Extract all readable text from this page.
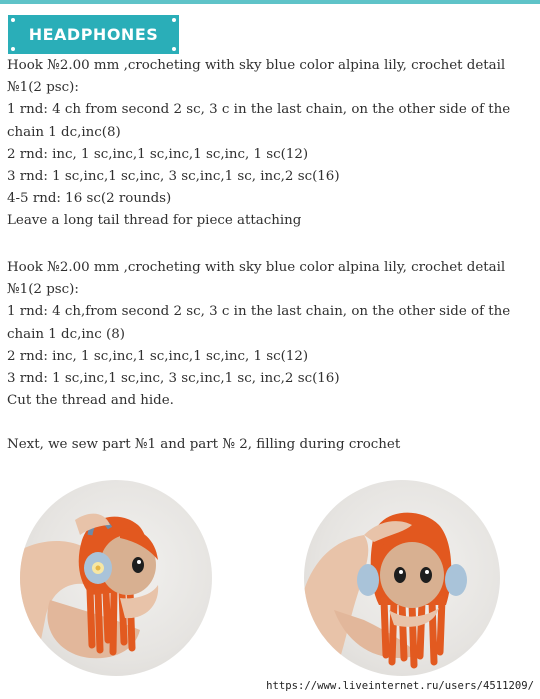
HEADPHONES

Hook №2.00 mm ,crocheting with sky blue color alpina lily, crochet detail №1(2 psc):

1 rnd: 4 ch from second 2 sc, 3 c in the last chain, on the other side of the chain 1 dc,inc(8)

2 rnd: inc, 1 sc,inc,1 sc,inc,1 sc,inc, 1 sc(12)

3 rnd: 1 sc,inc,1 sc,inc, 3 sc,inc,1 sc, inc,2 sc(16)

4-5 rnd: 16 sc(2 rounds)

Leave a long tail thread for piece attaching

Hook №2.00 mm ,crocheting with sky blue color alpina lily, crochet detail №1(2 psc):

1 rnd: 4 ch,from second 2 sc, 3 c in the last chain, on the other side of the chain 1 dc,inc (8)

2 rnd: inc, 1 sc,inc,1 sc,inc,1 sc,inc, 1 sc(12)

3 rnd: 1 sc,inc,1 sc,inc, 3 sc,inc,1 sc, inc,2 sc(16)

Cut the thread and hide.

Next, we sew part №1 and part № 2, filling during crochet

https://www.liveinternet.ru/users/4511209/
